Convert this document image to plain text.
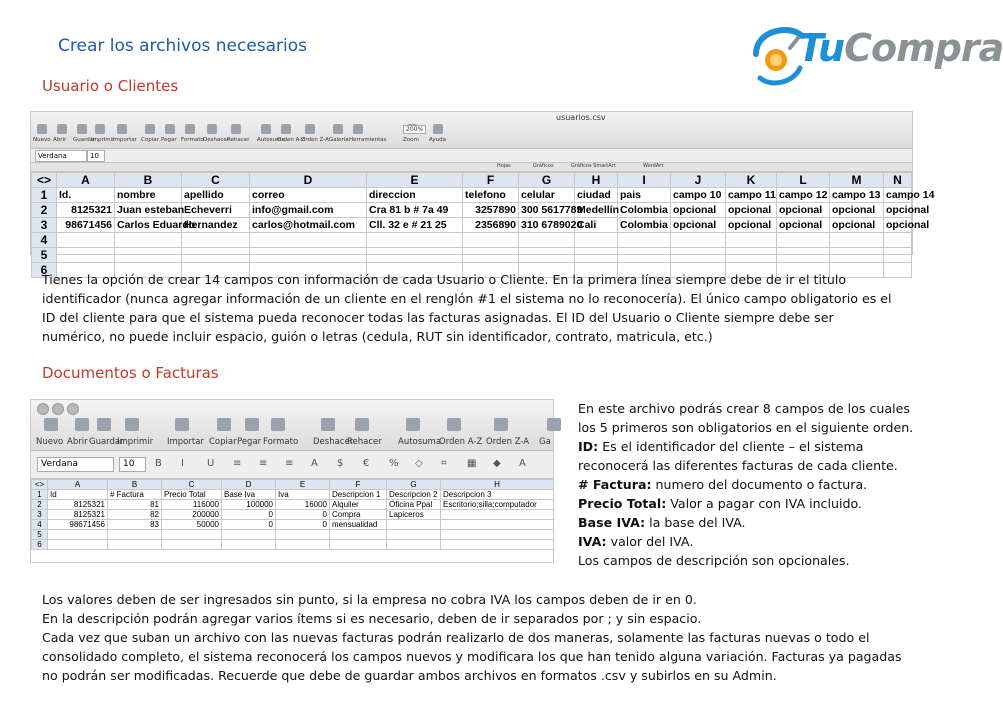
Crear los archivos necesarios	TuCompra
Usuario o Clientes
usuarios.csv
Nuevo Abrir Guardar
Imprimir
Importar Copiar Pegar Formato Deshacer
Rehacer Autosuma
Orden A-Z
Orden Z-A Galería Herramientas	Zoom Ayuda
200%
Verdana	10
Hojas	Gráficos	Gráficos SmartArt	WordArt
<>	A	B	C	D	E	F	G	H	I	J	K	L	M	N
1	Id.	nombre	apellido	correo	direccion	telefono	celular	ciudad	pais	campo 10	campo 11	campo 12	campo 13	campo 14
2	8125321	Juan esteban	Echeverri	info@gmail.com	Cra 81 b # 7a 49	3257890	300 5617789	Medellín	Colombia	opcional	opcional	opcional	opcional	opcional
3	98671456	Carlos Eduardo	Hernandez	carlos@hotmail.com	Cll. 32 e # 21 25	2356890	310 6789020	Cali	Colombia	opcional	opcional	opcional	opcional	opcional
4														
5														
6														
Tienes la opción de crear 14 campos con información de cada Usuario o Cliente. En la primera línea siempre debe de ir el titulo identificador (nunca agregar información de un cliente en el renglón #1 el sistema no lo reconocería). El único campo obligatorio es el ID del cliente para que el sistema pueda reconocer todas las facturas asignadas. El ID del Usuario o Cliente siempre debe ser numérico, no puede incluir espacio, guión o letras (cedula, RUT sin identificador, contrato, matricula, etc.)
Documentos o Facturas
Nuevo Abrir Guardar
Imprimir Importar Copiar Pegar Formato Deshacer
Rehacer Autosuma
Orden A-Z Orden Z-A Ga
Verdana	10	B I U ≡ ≡ ≡ A $ € % ◇ ⌗ ▦ ◆ A
<>	A	B	C	D	E	F	G	H
1	Id	# Factura	Precio Total	Base Iva	Iva	Descripcion 1	Descripcion 2	Descripcion 3
2	8125321	81	116000	100000	16000	Alquiler	Oficina Ppal	Escritorio;silla;computador
3	8125321	82	200000	0	0	Compra	Lapiceros	
4	98671456	83	50000	0	0	mensualidad		
5								
6								
En este archivo podrás crear 8 campos de los cuales los 5 primeros son obligatorios en el siguiente orden.
ID: Es el identificador del cliente – el sistema reconocerá las diferentes facturas de cada cliente.
# Factura: numero del documento o factura.
Precio Total: Valor a pagar con IVA incluido.
Base IVA: la base del IVA.
IVA: valor del IVA.
Los campos de descripción son opcionales.
Los valores deben de ser ingresados sin punto, si la empresa no cobra IVA los campos deben de ir en 0.
En la descripción podrán agregar varios ítems si es necesario, deben de ir separados por ; y sin espacio.
Cada vez que suban un archivo con las nuevas facturas podrán realizarlo de dos maneras, solamente las facturas nuevas o todo el consolidado completo, el sistema reconocerá los campos nuevos y modificara los que han tenido alguna variación. Facturas ya pagadas no podrán ser modificadas. Recuerde que debe de guardar ambos archivos en formatos .csv y subirlos en su Admin.
